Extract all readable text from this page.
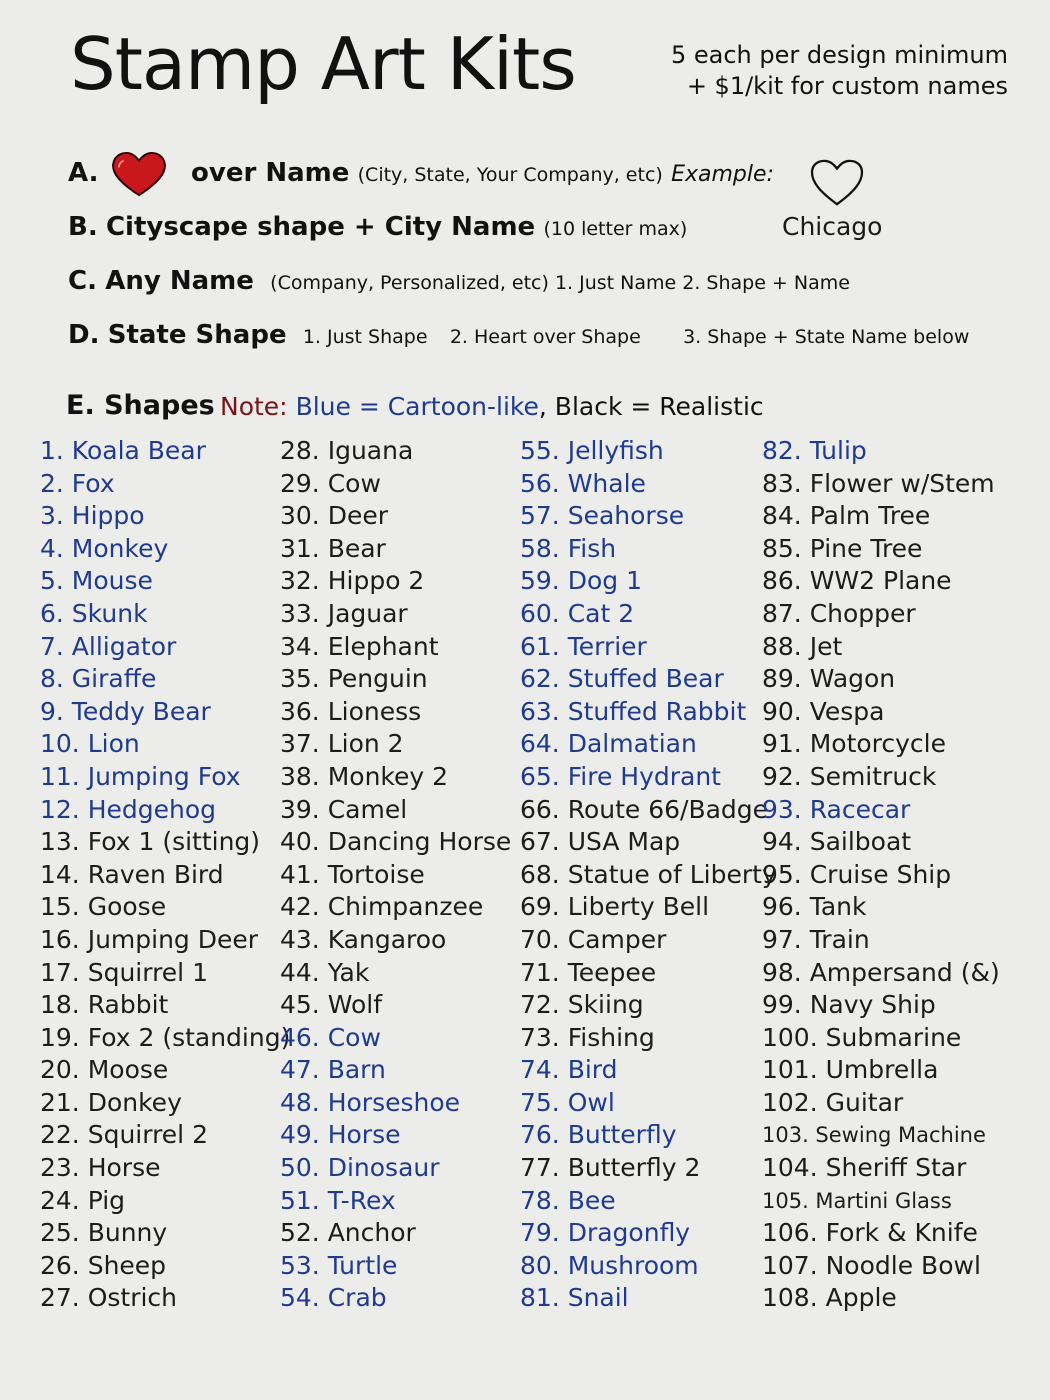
Stamp Art Kits	5 each per design minimum
+ $1/kit for custom names
A.	over Name (City, State, Your Company, etc) Example:
Chicago
B. Cityscape shape + City Name (10 letter max)
C. Any Name (Company, Personalized, etc) 1. Just Name 2. Shape + Name
D. State Shape 1. Just Shape 2. Heart over Shape 3. Shape + State Name below
E. Shapes Note: Blue = Cartoon-like, Black = Realistic
1. Koala Bear
2. Fox
3. Hippo
4. Monkey
5. Mouse
6. Skunk
7. Alligator
8. Giraffe
9. Teddy Bear
10. Lion
11. Jumping Fox
12. Hedgehog
13. Fox 1 (sitting)
14. Raven Bird
15. Goose
16. Jumping Deer
17. Squirrel 1
18. Rabbit
19. Fox 2 (standing)
20. Moose
21. Donkey
22. Squirrel 2
23. Horse
24. Pig
25. Bunny
26. Sheep
27. Ostrich
28. Iguana
29. Cow
30. Deer
31. Bear
32. Hippo 2
33. Jaguar
34. Elephant
35. Penguin
36. Lioness
37. Lion 2
38. Monkey 2
39. Camel
40. Dancing Horse
41. Tortoise
42. Chimpanzee
43. Kangaroo
44. Yak
45. Wolf
46. Cow
47. Barn
48. Horseshoe
49. Horse
50. Dinosaur
51. T-Rex
52. Anchor
53. Turtle
54. Crab
55. Jellyfish
56. Whale
57. Seahorse
58. Fish
59. Dog 1
60. Cat 2
61. Terrier
62. Stuffed Bear
63. Stuffed Rabbit
64. Dalmatian
65. Fire Hydrant
66. Route 66/Badge
67. USA Map
68. Statue of Liberty
69. Liberty Bell
70. Camper
71. Teepee
72. Skiing
73. Fishing
74. Bird
75. Owl
76. Butterfly
77. Butterfly 2
78. Bee
79. Dragonfly
80. Mushroom
81. Snail
82. Tulip
83. Flower w/Stem
84. Palm Tree
85. Pine Tree
86. WW2 Plane
87. Chopper
88. Jet
89. Wagon
90. Vespa
91. Motorcycle
92. Semitruck
93. Racecar
94. Sailboat
95. Cruise Ship
96. Tank
97. Train
98. Ampersand (&)
99. Navy Ship
100. Submarine
101. Umbrella
102. Guitar
103. Sewing Machine
104. Sheriff Star
105. Martini Glass
106. Fork & Knife
107. Noodle Bowl
108. Apple
